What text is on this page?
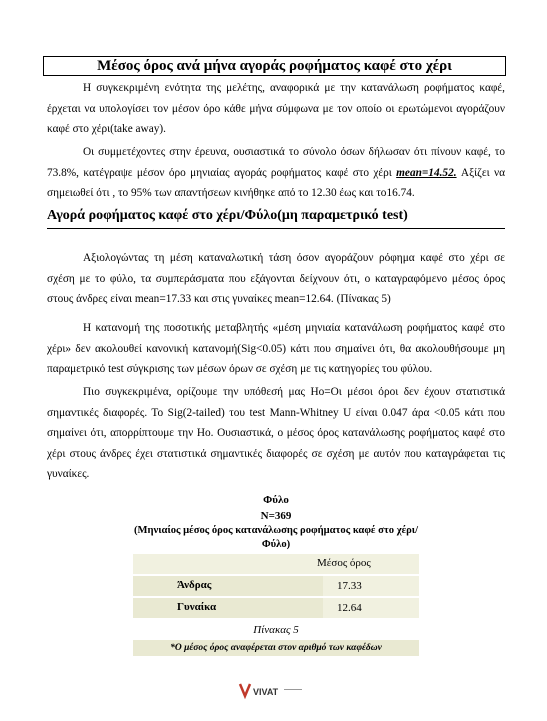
Μέσος όρος ανά μήνα αγοράς ροφήματος καφέ στο χέρι
Η συγκεκριμένη ενότητα της μελέτης, αναφορικά με την κατανάλωση ροφήματος καφέ, έρχεται να υπολογίσει τον μέσον όρο κάθε μήνα σύμφωνα με τον οποίο οι ερωτώμενοι αγοράζουν καφέ στο χέρι(take away).
Οι συμμετέχοντες στην έρευνα, ουσιαστικά το σύνολο όσων δήλωσαν ότι πίνουν καφέ, το 73.8%, κατέγραψε μέσον όρο μηνιαίας αγοράς ροφήματος καφέ στο χέρι mean=14.52. Αξίζει να σημειωθεί ότι , το 95% των απαντήσεων κινήθηκε από το 12.30 έως και το16.74.
Αγορά ροφήματος καφέ στο χέρι/Φύλο(μη παραμετρικό test)
Αξιολογώντας τη μέση καταναλωτική τάση όσον αγοράζουν ρόφημα καφέ στο χέρι σε σχέση με το φύλο, τα συμπεράσματα που εξάγονται δείχνουν ότι, ο καταγραφόμενο μέσος όρος στους άνδρες είναι mean=17.33 και στις γυναίκες mean=12.64. (Πίνακας 5)
Η κατανομή της ποσοτικής μεταβλητής «μέση μηνιαία κατανάλωση ροφήματος καφέ στο χέρι» δεν ακολουθεί κανονική κατανομή(Sig<0.05) κάτι που σημαίνει ότι, θα ακολουθήσουμε μη παραμετρικό test σύγκρισης των μέσων όρων σε σχέση με τις κατηγορίες του φύλου.
Πιο συγκεκριμένα, ορίζουμε την υπόθεσή μας Ho=Οι μέσοι όροι δεν έχουν στατιστικά σημαντικές διαφορές. Το Sig(2-tailed) του test Mann-Whitney U είναι 0.047 άρα <0.05 κάτι που σημαίνει ότι, απορρίπτουμε την Ho. Ουσιαστικά, ο μέσος όρος κατανάλωσης ροφήματος καφέ στο χέρι στους άνδρες έχει στατιστικά σημαντικές διαφορές σε σχέση με αυτόν που καταγράφεται τις γυναίκες.
Φύλο
N=369
(Μηνιαίος μέσος όρος κατανάλωσης ροφήματος καφέ στο χέρι/Φύλο)
Μέσος όρος
Άνδρας	17.33
Γυναίκα	12.64
Πίνακας 5
*Ο μέσος όρος αναφέρεται στον αριθμό των καφέδων
VIVAT
